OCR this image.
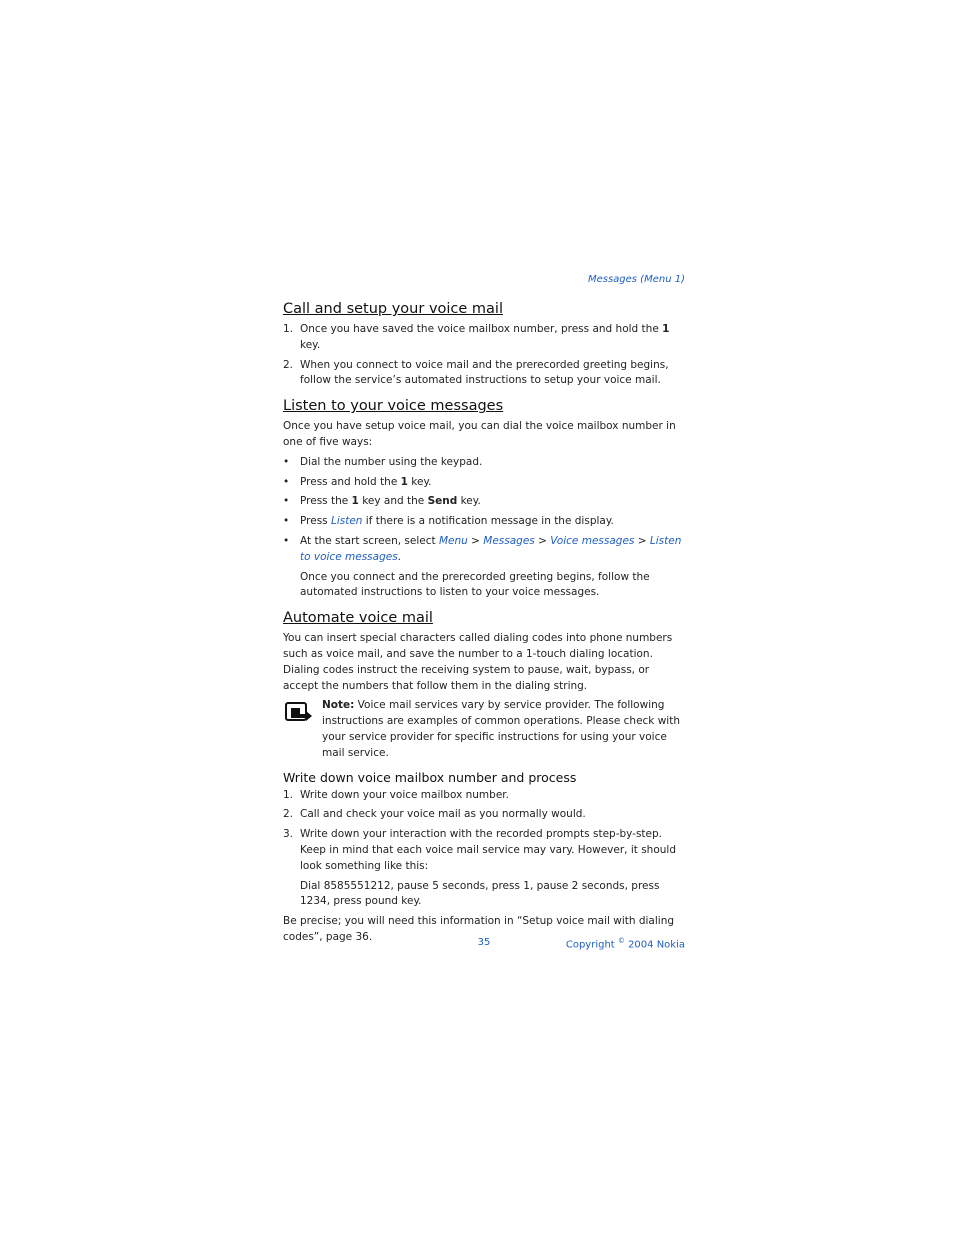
Messages (Menu 1)
Call and setup your voice mail
1. Once you have saved the voice mailbox number, press and hold the 1 key.
2. When you connect to voice mail and the prerecorded greeting begins, follow the service’s automated instructions to setup your voice mail.
Listen to your voice messages

Once you have setup voice mail, you can dial the voice mailbox number in one of five ways:

• Dial the number using the keypad.
• Press and hold the 1 key.
• Press the 1 key and the Send key.
• Press Listen if there is a notification message in the display.
• At the start screen, select Menu > Messages > Voice messages > Listen to voice messages.

Once you connect and the prerecorded greeting begins, follow the automated instructions to listen to your voice messages.

Automate voice mail

You can insert special characters called dialing codes into phone numbers such as voice mail, and save the number to a 1-touch dialing location. Dialing codes instruct the receiving system to pause, wait, bypass, or accept the numbers that follow them in the dialing string.

Note: Voice mail services vary by service provider. The following instructions are examples of common operations. Please check with your service provider for specific instructions for using your voice mail service.
Write down voice mailbox number and process
1. Write down your voice mailbox number.
2. Call and check your voice mail as you normally would.
3. Write down your interaction with the recorded prompts step-by-step. Keep in mind that each voice mail service may vary. However, it should look something like this:

Dial 8585551212, pause 5 seconds, press 1, pause 2 seconds, press 1234, press pound key.

Be precise; you will need this information in “Setup voice mail with dialing codes”, page 36.	35	Copyright © 2004 Nokia
